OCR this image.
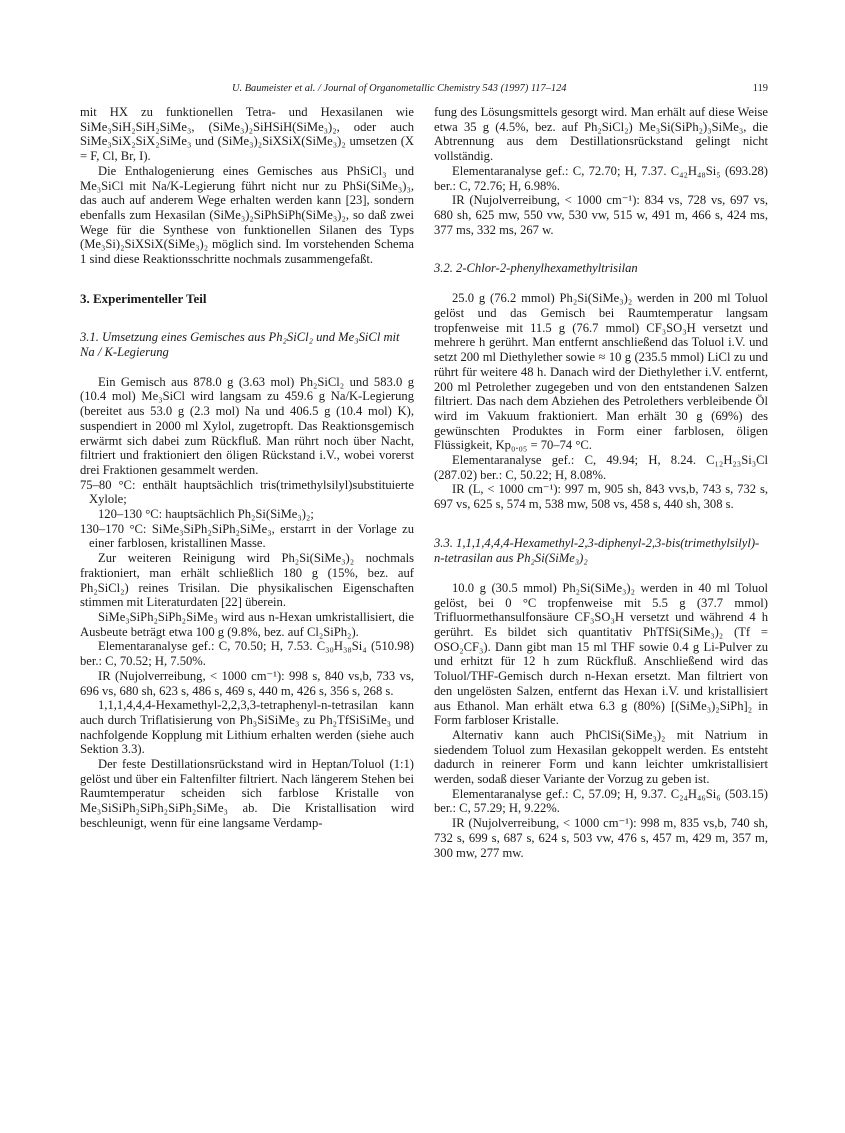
U. Baumeister et al. / Journal of Organometallic Chemistry 543 (1997) 117–124	119

mit HX zu funktionellen Tetra- und Hexasilanen wie SiMe₃SiH₂SiH₂SiMe₃, (SiMe₃)₂SiHSiH(SiMe₃)₂, oder auch SiMe₃SiX₂SiX₂SiMe₃ und (SiMe₃)₂SiXSiX(SiMe₃)₂ umsetzen (X = F, Cl, Br, I).

Die Enthalogenierung eines Gemisches aus PhSiCl₃ und Me₃SiCl mit Na/K-Legierung führt nicht nur zu PhSi(SiMe₃)₃, das auch auf anderem Wege erhalten werden kann [23], sondern ebenfalls zum Hexasilan (SiMe₃)₂SiPhSiPh(SiMe₃)₂, so daß zwei Wege für die Synthese von funktionellen Silanen des Typs (Me₃Si)₂SiXSiX(SiMe₃)₂ möglich sind. Im vorstehenden Schema 1 sind diese Reaktionsschritte nochmals zusammengefaßt.

3. Experimenteller Teil
3.1. Umsetzung eines Gemisches aus Ph₂SiCl₂ und Me₃SiCl mit Na / K-Legierung

Ein Gemisch aus 878.0 g (3.63 mol) Ph₂SiCl₂ und 583.0 g (10.4 mol) Me₃SiCl wird langsam zu 459.6 g Na/K-Legierung (bereitet aus 53.0 g (2.3 mol) Na und 406.5 g (10.4 mol) K), suspendiert in 2000 ml Xylol, zugetropft. Das Reaktionsgemisch erwärmt sich dabei zum Rückfluß. Man rührt noch über Nacht, filtriert und fraktioniert den öligen Rückstand i.V., wobei vorerst drei Fraktionen gesammelt werden.

75–80 °C: enthält hauptsächlich tris(trimethylsilyl)substituierte Xylole;

120–130 °C: hauptsächlich Ph₂Si(SiMe₃)₂;

130–170 °C: SiMe₃SiPh₂SiPh₂SiMe₃, erstarrt in der Vorlage zu einer farblosen, kristallinen Masse.

Zur weiteren Reinigung wird Ph₂Si(SiMe₃)₂ nochmals fraktioniert, man erhält schließlich 180 g (15%, bez. auf Ph₂SiCl₂) reines Trisilan. Die physikalischen Eigenschaften stimmen mit Literaturdaten [22] überein.

SiMe₃SiPh₂SiPh₂SiMe₃ wird aus n-Hexan umkristallisiert, die Ausbeute beträgt etwa 100 g (9.8%, bez. auf Cl₂SiPh₂).

Elementaranalyse gef.: C, 70.50; H, 7.53. C₃₀H₃₈Si₄ (510.98) ber.: C, 70.52; H, 7.50%.

IR (Nujolverreibung, < 1000 cm⁻¹): 998 s, 840 vs,b, 733 vs, 696 vs, 680 sh, 623 s, 486 s, 469 s, 440 m, 426 s, 356 s, 268 s.

1,1,1,4,4,4-Hexamethyl-2,2,3,3-tetraphenyl-n-tetrasilan kann auch durch Triflatisierung von Ph₃SiSiMe₃ zu Ph₂TfSiSiMe₃ und nachfolgende Kopplung mit Lithium erhalten werden (siehe auch Sektion 3.3).

Der feste Destillationsrückstand wird in Heptan/Toluol (1:1) gelöst und über ein Faltenfilter filtriert. Nach längerem Stehen bei Raumtemperatur scheiden sich farblose Kristalle von Me₃SiSiPh₂SiPh₂SiPh₂SiMe₃ ab. Die Kristallisation wird beschleunigt, wenn für eine langsame Verdamp-

fung des Lösungsmittels gesorgt wird. Man erhält auf diese Weise etwa 35 g (4.5%, bez. auf Ph₂SiCl₂) Me₃Si(SiPh₂)₃SiMe₃, die Abtrennung aus dem Destillationsrückstand gelingt nicht vollständig.

Elementaranalyse gef.: C, 72.70; H, 7.37. C₄₂H₄₈Si₅ (693.28) ber.: C, 72.76; H, 6.98%.

IR (Nujolverreibung, < 1000 cm⁻¹): 834 vs, 728 vs, 697 vs, 680 sh, 625 mw, 550 vw, 530 vw, 515 w, 491 m, 466 s, 424 ms, 377 ms, 332 ms, 267 w.

3.2. 2-Chlor-2-phenylhexamethyltrisilan

25.0 g (76.2 mmol) Ph₂Si(SiMe₃)₂ werden in 200 ml Toluol gelöst und das Gemisch bei Raumtemperatur langsam tropfenweise mit 11.5 g (76.7 mmol) CF₃SO₃H versetzt und mehrere h gerührt. Man entfernt anschließend das Toluol i.V. und setzt 200 ml Diethylether sowie ≈ 10 g (235.5 mmol) LiCl zu und rührt für weitere 48 h. Danach wird der Diethylether i.V. entfernt, 200 ml Petrolether zugegeben und von den entstandenen Salzen filtriert. Das nach dem Abziehen des Petrolethers verbleibende Öl wird im Vakuum fraktioniert. Man erhält 30 g (69%) des gewünschten Produktes in Form einer farblosen, öligen Flüssigkeit, Kp₀.₀₅ = 70–74 °C.

Elementaranalyse gef.: C, 49.94; H, 8.24. C₁₂H₂₃Si₃Cl (287.02) ber.: C, 50.22; H, 8.08%.

IR (L, < 1000 cm⁻¹): 997 m, 905 sh, 843 vvs,b, 743 s, 732 s, 697 vs, 625 s, 574 m, 538 mw, 508 vs, 458 s, 440 sh, 308 s.

3.3. 1,1,1,4,4,4-Hexamethyl-2,3-diphenyl-2,3-bis(trimethylsilyl)-n-tetrasilan aus Ph₂Si(SiMe₃)₂

10.0 g (30.5 mmol) Ph₂Si(SiMe₃)₂ werden in 40 ml Toluol gelöst, bei 0 °C tropfenweise mit 5.5 g (37.7 mmol) Trifluormethansulfonsäure CF₃SO₃H versetzt und während 4 h gerührt. Es bildet sich quantitativ PhTfSi(SiMe₃)₂ (Tf = OSO₂CF₃). Dann gibt man 15 ml THF sowie 0.4 g Li-Pulver zu und erhitzt für 12 h zum Rückfluß. Anschließend wird das Toluol/THF-Gemisch durch n-Hexan ersetzt. Man filtriert von den ungelösten Salzen, entfernt das Hexan i.V. und kristallisiert aus Ethanol. Man erhält etwa 6.3 g (80%) [(SiMe₃)₂SiPh]₂ in Form farbloser Kristalle.

Alternativ kann auch PhClSi(SiMe₃)₂ mit Natrium in siedendem Toluol zum Hexasilan gekoppelt werden. Es entsteht dadurch in reinerer Form und kann leichter umkristallisiert werden, sodaß dieser Variante der Vorzug zu geben ist.

Elementaranalyse gef.: C, 57.09; H, 9.37. C₂₄H₄₆Si₆ (503.15) ber.: C, 57.29; H, 9.22%.

IR (Nujolverreibung, < 1000 cm⁻¹): 998 m, 835 vs,b, 740 sh, 732 s, 699 s, 687 s, 624 s, 503 vw, 476 s, 457 m, 429 m, 357 m, 300 mw, 277 mw.
